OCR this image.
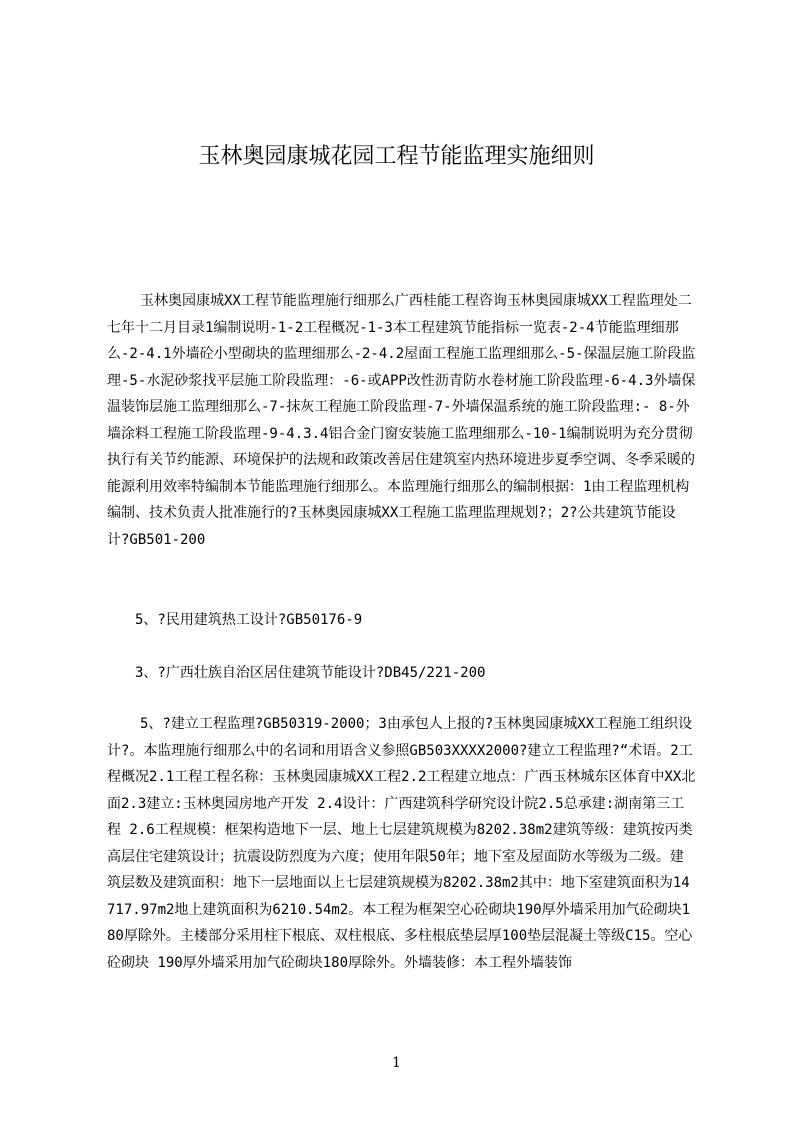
玉林奥园康城花园工程节能监理实施细则

玉林奥园康城XX工程节能监理施行细那么广西桂能工程咨询玉林奥园康城XX工程监理处二七年十二月目录1编制说明-1-2工程概况-1-3本工程建筑节能指标一览表-2-4节能监理细那么-2-4.1外墙砼小型砌块的监理细那么-2-4.2屋面工程施工监理细那么-5-保温层施工阶段监理-5-水泥砂浆找平层施工阶段监理：-6-或APP改性沥青防水卷材施工阶段监理-6-4.3外墙保温装饰层施工监理细那么-7-抹灰工程施工阶段监理-7-外墙保温系统的施工阶段监理:- 8-外墙涂料工程施工阶段监理-9-4.3.4铝合金门窗安装施工监理细那么-10-1编制说明为充分贯彻执行有关节约能源、环境保护的法规和政策改善居住建筑室内热环境进步夏季空调、冬季采暖的能源利用效率特编制本节能监理施行细那么。本监理施行细那么的编制根据：1由工程监理机构编制、技术负责人批准施行的?玉林奥园康城XX工程施工监理监理规划?；2?公共建筑节能设计?GB501-200

5、?民用建筑热工设计?GB50176-9

3、?广西壮族自治区居住建筑节能设计?DB45/221-200

5、?建立工程监理?GB50319-2000；3由承包人上报的?玉林奥园康城XX工程施工组织设计?。本监理施行细那么中的名词和用语含义参照GB503XXXX2000?建立工程监理?“术语。2工程概况2.1工程工程名称：玉林奥园康城XX工程2.2工程建立地点：广西玉林城东区体育中XX北面2.3建立:玉林奥园房地产开发 2.4设计：广西建筑科学研究设计院2.5总承建:湖南第三工程 2.6工程规模：框架构造地下一层、地上七层建筑规模为8202.38m2建筑等级：建筑按丙类高层住宅建筑设计；抗震设防烈度为六度；使用年限50年；地下室及屋面防水等级为二级。建筑层数及建筑面积：地下一层地面以上七层建筑规模为8202.38m2其中：地下室建筑面积为14717.97m2地上建筑面积为6210.54m2。本工程为框架空心砼砌块190厚外墙采用加气砼砌块180厚除外。主楼部分采用柱下根底、双柱根底、多柱根底垫层厚100垫层混凝土等级C15。空心砼砌块 190厚外墙采用加气砼砌块180厚除外。外墙装修：本工程外墙装饰

1
